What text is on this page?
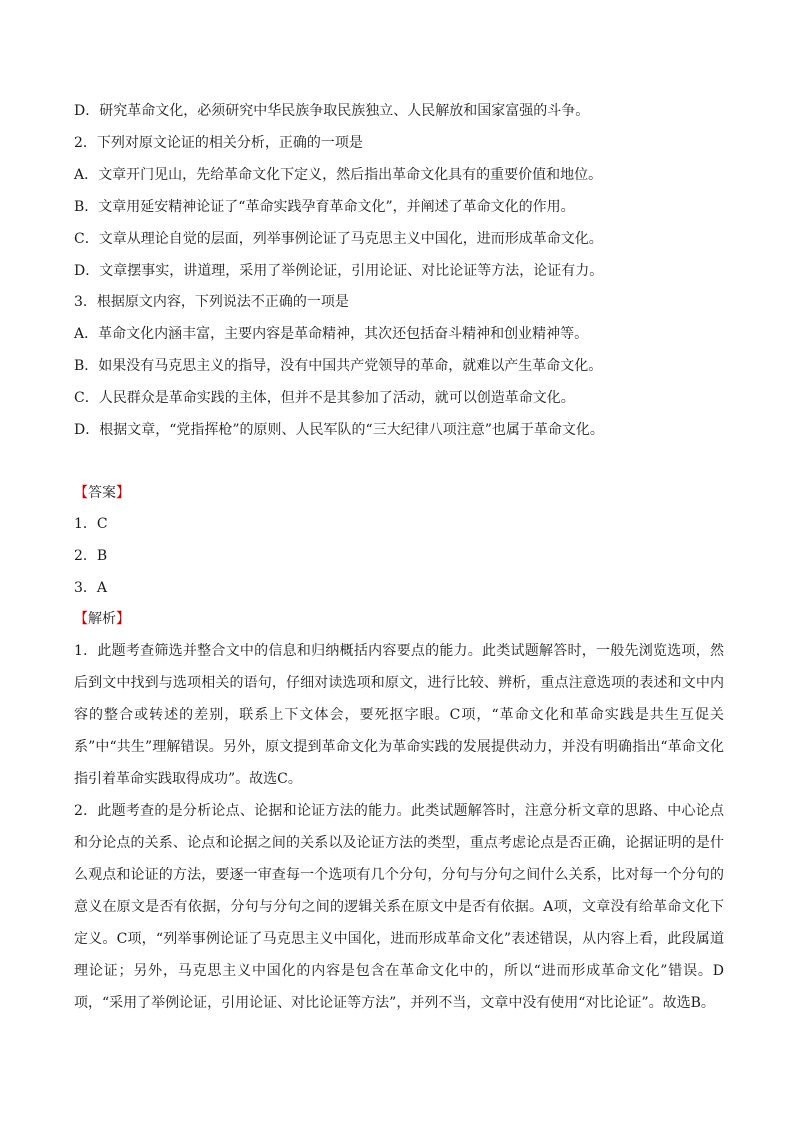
D．研究革命文化，必须研究中华民族争取民族独立、人民解放和国家富强的斗争。
2．下列对原文论证的相关分析，正确的一项是
A．文章开门见山，先给革命文化下定义，然后指出革命文化具有的重要价值和地位。
B．文章用延安精神论证了“革命实践孕育革命文化”，并阐述了革命文化的作用。
C．文章从理论自觉的层面，列举事例论证了马克思主义中国化，进而形成革命文化。
D．文章摆事实，讲道理，采用了举例论证，引用论证、对比论证等方法，论证有力。
3．根据原文内容，下列说法不正确的一项是
A．革命文化内涵丰富，主要内容是革命精神，其次还包括奋斗精神和创业精神等。
B．如果没有马克思主义的指导，没有中国共产党领导的革命，就难以产生革命文化。
C．人民群众是革命实践的主体，但并不是其参加了活动，就可以创造革命文化。
D．根据文章，“党指挥枪”的原则、人民军队的“三大纪律八项注意”也属于革命文化。
【答案】
1．C
2．B
3．A
【解析】

1．此题考查筛选并整合文中的信息和归纳概括内容要点的能力。此类试题解答时，一般先浏览选项，然后到文中找到与选项相关的语句，仔细对读选项和原文，进行比较、辨析，重点注意选项的表述和文中内容的整合或转述的差别，联系上下文体会，要死抠字眼。C项，“革命文化和革命实践是共生互促关系”中“共生”理解错误。另外，原文提到革命文化为革命实践的发展提供动力，并没有明确指出“革命文化指引着革命实践取得成功”。故选C。

2．此题考查的是分析论点、论据和论证方法的能力。此类试题解答时，注意分析文章的思路、中心论点和分论点的关系、论点和论据之间的关系以及论证方法的类型，重点考虑论点是否正确，论据证明的是什么观点和论证的方法，要逐一审查每一个选项有几个分句，分句与分句之间什么关系，比对每一个分句的意义在原文是否有依据，分句与分句之间的逻辑关系在原文中是否有依据。A项，文章没有给革命文化下定义。C项，“列举事例论证了马克思主义中国化，进而形成革命文化”表述错误，从内容上看，此段属道理论证；另外，马克思主义中国化的内容是包含在革命文化中的，所以“进而形成革命文化”错误。D项，“采用了举例论证，引用论证、对比论证等方法”，并列不当，文章中没有使用“对比论证”。故选B。
